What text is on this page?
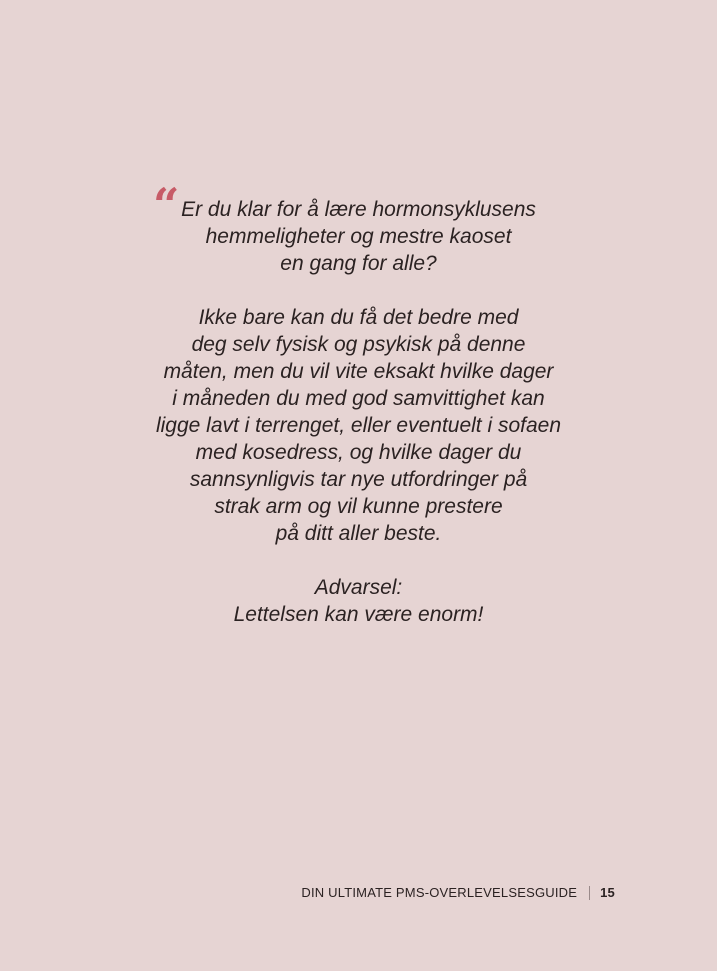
“ Er du klar for å lære hormonsyklusens
hemmeligheter og mestre kaoset
en gang for alle?

Ikke bare kan du få det bedre med
deg selv fysisk og psykisk på denne
måten, men du vil vite eksakt hvilke dager
i måneden du med god samvittighet kan
ligge lavt i terrenget, eller eventuelt i sofaen
med kosedress, og hvilke dager du
sannsynligvis tar nye utfordringer på
strak arm og vil kunne prestere
på ditt aller beste.

Advarsel:
Lettelsen kan være enorm!

DIN ULTIMATE PMS-OVERLEVELSESGUIDE 15
